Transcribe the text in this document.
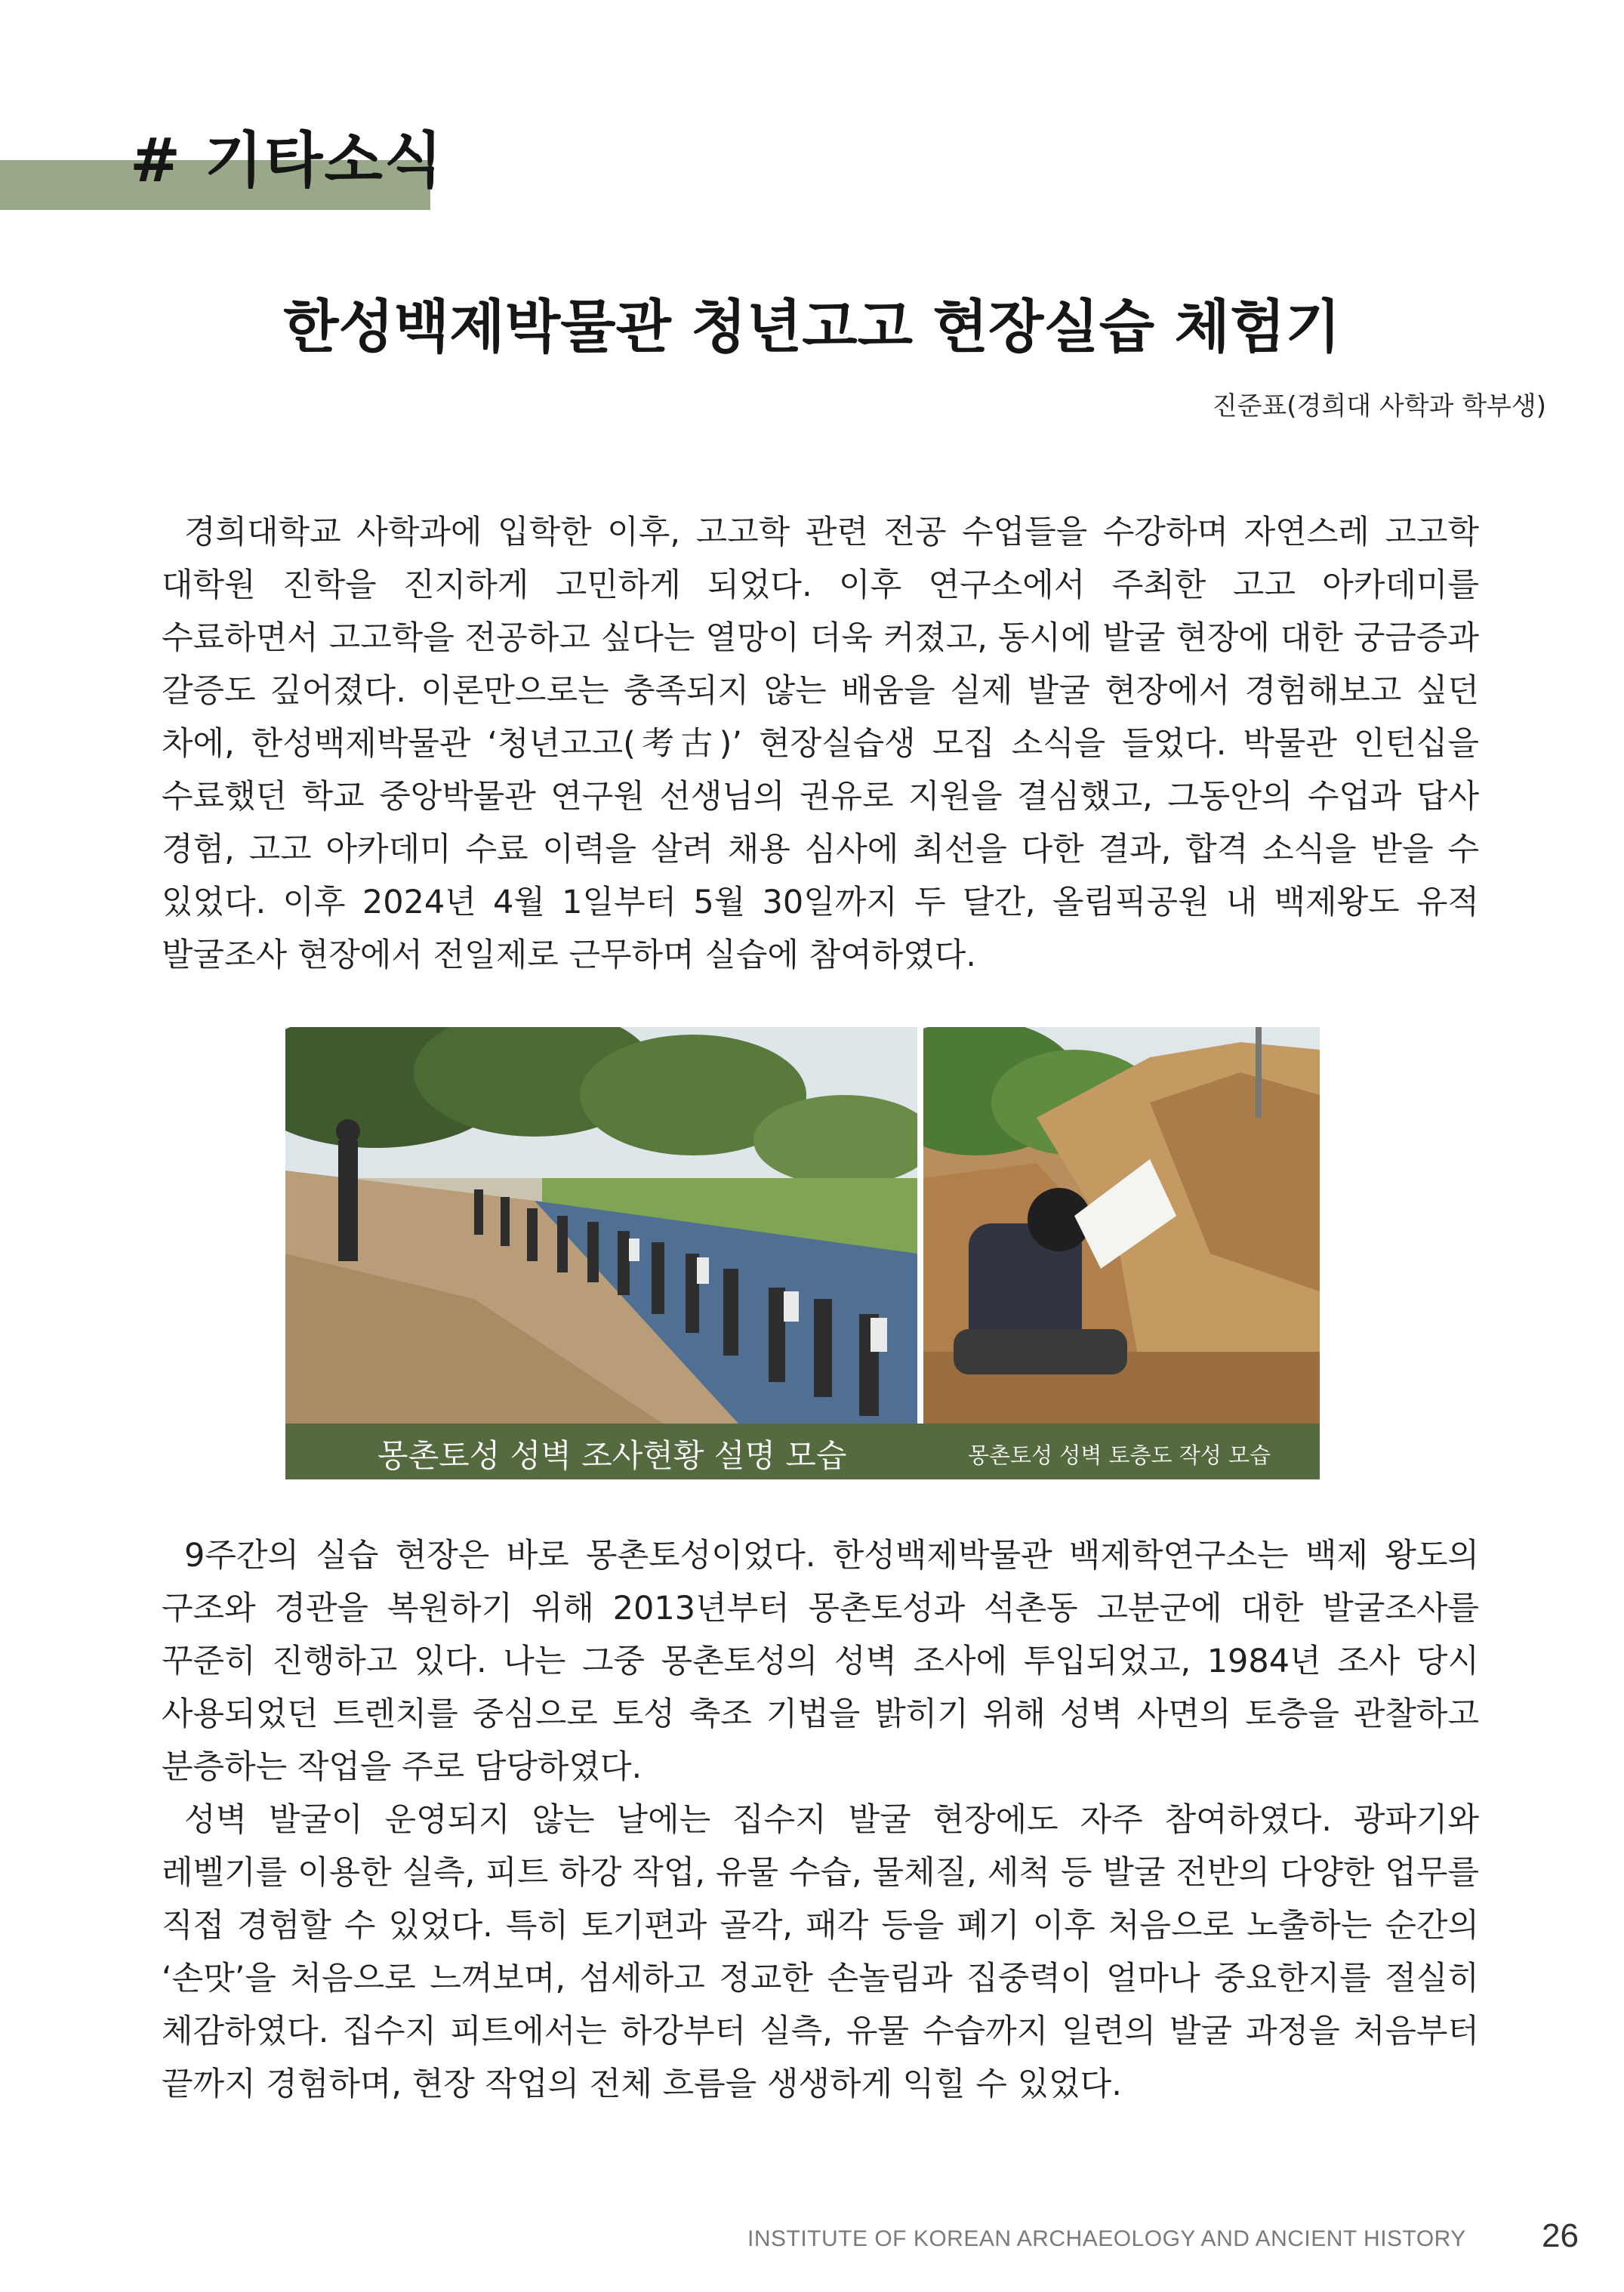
# 기타소식
한성백제박물관 청년고고 현장실습 체험기
진준표(경희대 사학과 학부생)

경희대학교 사학과에 입학한 이후, 고고학 관련 전공 수업들을 수강하며 자연스레 고고학 대학원 진학을 진지하게 고민하게 되었다. 이후 연구소에서 주최한 고고 아카데미를 수료하면서 고고학을 전공하고 싶다는 열망이 더욱 커졌고, 동시에 발굴 현장에 대한 궁금증과 갈증도 깊어졌다. 이론만으로는 충족되지 않는 배움을 실제 발굴 현장에서 경험해보고 싶던 차에, 한성백제박물관 ‘청년고고(考古)’ 현장실습생 모집 소식을 들었다. 박물관 인턴십을 수료했던 학교 중앙박물관 연구원 선생님의 권유로 지원을 결심했고, 그동안의 수업과 답사 경험, 고고 아카데미 수료 이력을 살려 채용 심사에 최선을 다한 결과, 합격 소식을 받을 수 있었다. 이후 2024년 4월 1일부터 5월 30일까지 두 달간, 올림픽공원 내 백제왕도 유적 발굴조사 현장에서 전일제로 근무하며 실습에 참여하였다.

몽촌토성 성벽 조사현황 설명 모습	몽촌토성 성벽 토층도 작성 모습

9주간의 실습 현장은 바로 몽촌토성이었다. 한성백제박물관 백제학연구소는 백제 왕도의 구조와 경관을 복원하기 위해 2013년부터 몽촌토성과 석촌동 고분군에 대한 발굴조사를 꾸준히 진행하고 있다. 나는 그중 몽촌토성의 성벽 조사에 투입되었고, 1984년 조사 당시 사용되었던 트렌치를 중심으로 토성 축조 기법을 밝히기 위해 성벽 사면의 토층을 관찰하고 분층하는 작업을 주로 담당하였다.

성벽 발굴이 운영되지 않는 날에는 집수지 발굴 현장에도 자주 참여하였다. 광파기와 레벨기를 이용한 실측, 피트 하강 작업, 유물 수습, 물체질, 세척 등 발굴 전반의 다양한 업무를 직접 경험할 수 있었다. 특히 토기편과 골각, 패각 등을 폐기 이후 처음으로 노출하는 순간의 ‘손맛’을 처음으로 느껴보며, 섬세하고 정교한 손놀림과 집중력이 얼마나 중요한지를 절실히 체감하였다. 집수지 피트에서는 하강부터 실측, 유물 수습까지 일련의 발굴 과정을 처음부터 끝까지 경험하며, 현장 작업의 전체 흐름을 생생하게 익힐 수 있었다.

INSTITUTE OF KOREAN ARCHAEOLOGY AND ANCIENT HISTORY 26
